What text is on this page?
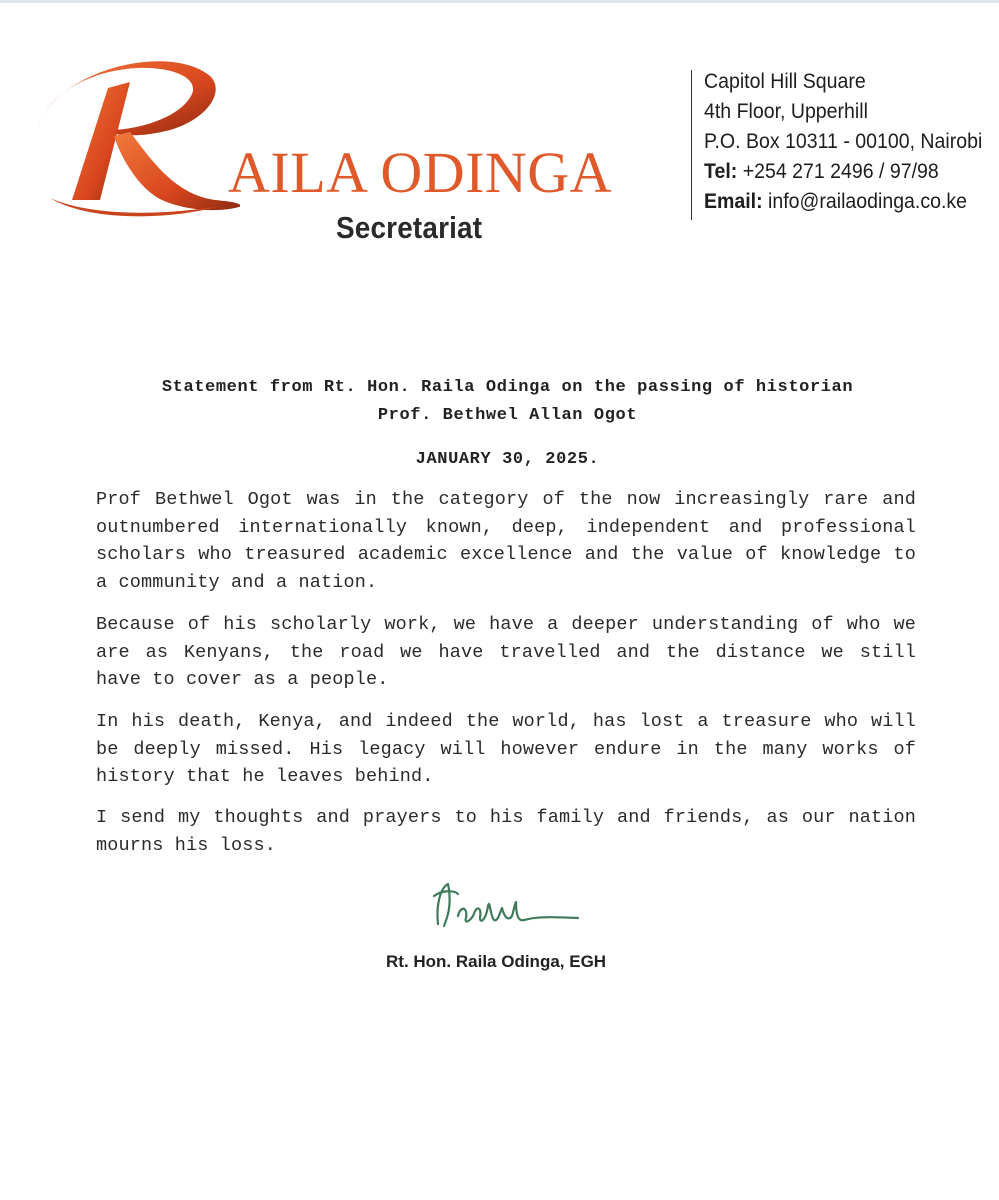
AILA ODINGA
Secretariat
Capitol Hill Square
4th Floor, Upperhill
P.O. Box 10311 - 00100, Nairobi
Tel: +254 271 2496 / 97/98
Email: info@railaodinga.co.ke
Statement from Rt. Hon. Raila Odinga on the passing of historian
Prof. Bethwel Allan Ogot
JANUARY 30, 2025.

Prof Bethwel Ogot was in the category of the now increasingly rare and outnumbered internationally known, deep, independent and professional scholars who treasured academic excellence and the value of knowledge to a community and a nation.

Because of his scholarly work, we have a deeper understanding of who we are as Kenyans, the road we have travelled and the distance we still have to cover as a people.

In his death, Kenya, and indeed the world, has lost a treasure who will be deeply missed. His legacy will however endure in the many works of history that he leaves behind.

I send my thoughts and prayers to his family and friends, as our nation mourns his loss.

Rt. Hon. Raila Odinga, EGH
